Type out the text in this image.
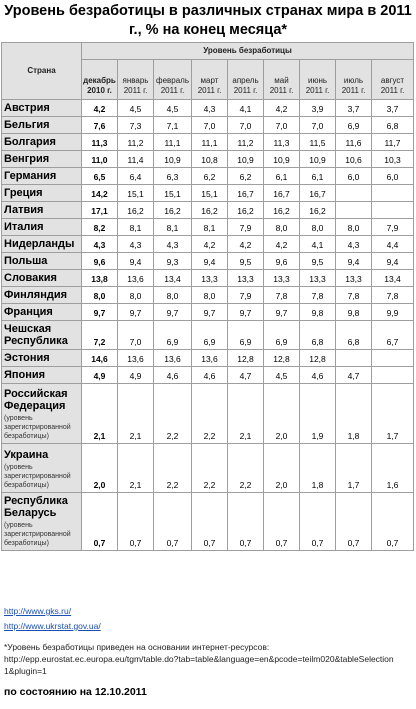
Уровень безработицы в различных странах мира в 2011 г., % на конец месяца*
Страна	Уровень безработицы								
	декабрь 2010 г.	январь 2011 г.	февраль 2011 г.	март 2011 г.	апрель 2011 г.	май 2011 г.	июнь 2011 г.	июль 2011 г.	август 2011 г.

Австрия	4,2	4,5	4,5	4,3	4,1	4,2	3,9	3,7	3,7

Бельгия	7,6	7,3	7,1	7,0	7,0	7,0	7,0	6,9	6,8

Болгария	11,3	11,2	11,1	11,1	11,2	11,3	11,5	11,6	11,7

Венгрия	11,0	11,4	10,9	10,8	10,9	10,9	10,9	10,6	10,3

Германия	6,5	6,4	6,3	6,2	6,2	6,1	6,1	6,0	6,0

Греция	14,2	15,1	15,1	15,1	16,7	16,7	16,7		

Латвия	17,1	16,2	16,2	16,2	16,2	16,2	16,2		

Италия	8,2	8,1	8,1	8,1	7,9	8,0	8,0	8,0	7,9

Нидерланды	4,3	4,3	4,3	4,2	4,2	4,2	4,1	4,3	4,4

Польша	9,6	9,4	9,3	9,4	9,5	9,6	9,5	9,4	9,4

Словакия	13,8	13,6	13,4	13,3	13,3	13,3	13,3	13,3	13,4

Финляндия	8,0	8,0	8,0	8,0	7,9	7,8	7,8	7,8	7,8

Франция	9,7	9,7	9,7	9,7	9,7	9,7	9,8	9,8	9,9

Чешская Республика	7,2	7,0	6,9	6,9	6,9	6,9	6,8	6,8	6,7

Эстония	14,6	13,6	13,6	13,6	12,8	12,8	12,8		

Япония	4,9	4,9	4,6	4,6	4,7	4,5	4,6	4,7	

Российская Федерация
(уровень зарегистрированной безработицы)	2,1	2,1	2,2	2,2	2,1	2,0	1,9	1,8	1,7

Украина
(уровень зарегистрированной безработицы)	2,0	2,1	2,2	2,2	2,2	2,0	1,8	1,7	1,6

Республика Беларусь
(уровень зарегистрированной безработицы)	0,7	0,7	0,7	0,7	0,7	0,7	0,7	0,7	0,7
http://www.gks.ru/
http://www.ukrstat.gov.ua/
*Уровень безработицы приведен на основании интернет-ресурсов: http://epp.eurostat.ec.europa.eu/tgm/table.do?tab=table&language=en&pcode=teilm020&tableSelection 1&plugin=1
по состоянию на 12.10.2011
